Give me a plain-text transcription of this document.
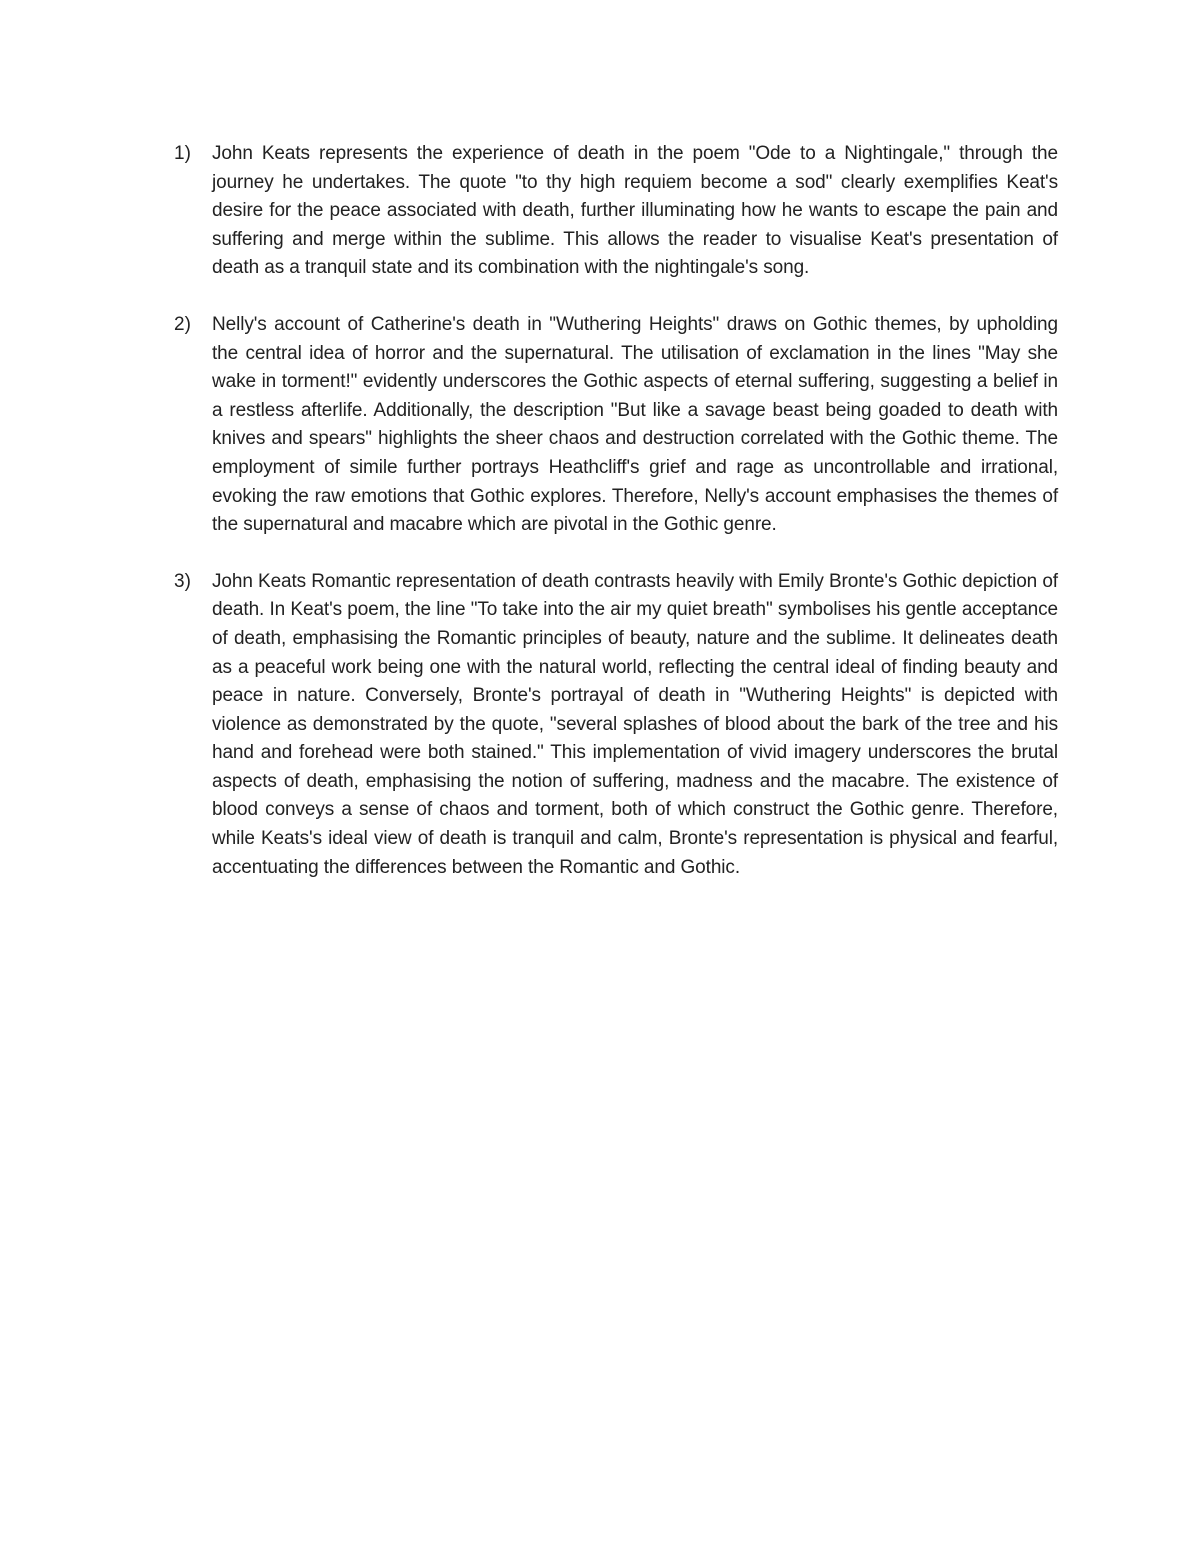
1) John Keats represents the experience of death in the poem "Ode to a Nightingale," through the journey he undertakes. The quote "to thy high requiem become a sod" clearly exemplifies Keat's desire for the peace associated with death, further illuminating how he wants to escape the pain and suffering and merge within the sublime. This allows the reader to visualise Keat's presentation of death as a tranquil state and its combination with the nightingale's song.

2) Nelly's account of Catherine's death in "Wuthering Heights" draws on Gothic themes, by upholding the central idea of horror and the supernatural. The utilisation of exclamation in the lines "May she wake in torment!" evidently underscores the Gothic aspects of eternal suffering, suggesting a belief in a restless afterlife. Additionally, the description "But like a savage beast being goaded to death with knives and spears" highlights the sheer chaos and destruction correlated with the Gothic theme. The employment of simile further portrays Heathcliff's grief and rage as uncontrollable and irrational, evoking the raw emotions that Gothic explores. Therefore, Nelly's account emphasises the themes of the supernatural and macabre which are pivotal in the Gothic genre.

3) John Keats Romantic representation of death contrasts heavily with Emily Bronte's Gothic depiction of death. In Keat's poem, the line "To take into the air my quiet breath" symbolises his gentle acceptance of death, emphasising the Romantic principles of beauty, nature and the sublime. It delineates death as a peaceful work being one with the natural world, reflecting the central ideal of finding beauty and peace in nature. Conversely, Bronte's portrayal of death in "Wuthering Heights" is depicted with violence as demonstrated by the quote, "several splashes of blood about the bark of the tree and his hand and forehead were both stained." This implementation of vivid imagery underscores the brutal aspects of death, emphasising the notion of suffering, madness and the macabre. The existence of blood conveys a sense of chaos and torment, both of which construct the Gothic genre. Therefore, while Keats's ideal view of death is tranquil and calm, Bronte's representation is physical and fearful, accentuating the differences between the Romantic and Gothic.
